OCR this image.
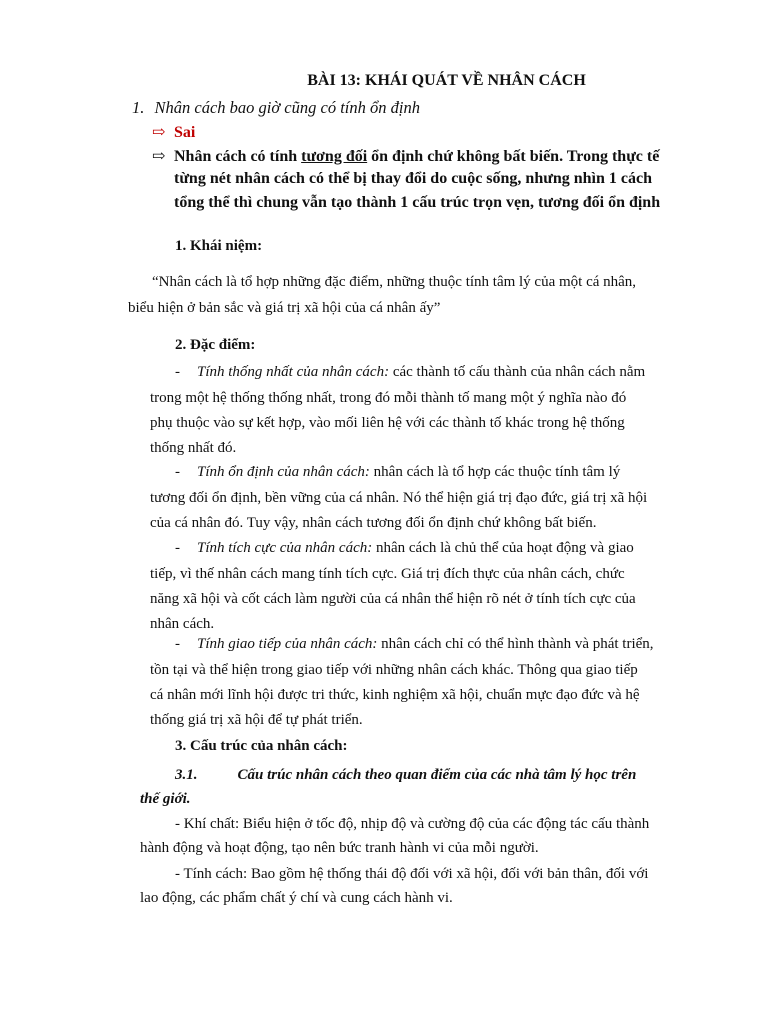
BÀI 13: KHÁI QUÁT VỀ NHÂN CÁCH
1. Nhân cách bao giờ cũng có tính ổn định
⇨ Sai
⇨ Nhân cách có tính tương đối ổn định chứ không bất biến. Trong thực tế
từng nét nhân cách có thể bị thay đổi do cuộc sống, nhưng nhìn 1 cách
tổng thể thì chung vẫn tạo thành 1 cấu trúc trọn vẹn, tương đối ổn định
1. Khái niệm:
“Nhân cách là tổ hợp những đặc điểm, những thuộc tính tâm lý của một cá nhân,
biểu hiện ở bản sắc và giá trị xã hội của cá nhân ấy”
2. Đặc điểm:
- Tính thống nhất của nhân cách: các thành tố cấu thành của nhân cách nằm
trong một hệ thống thống nhất, trong đó mỗi thành tố mang một ý nghĩa nào đó
phụ thuộc vào sự kết hợp, vào mối liên hệ với các thành tố khác trong hệ thống
thống nhất đó.
- Tính ổn định của nhân cách: nhân cách là tổ hợp các thuộc tính tâm lý
tương đối ổn định, bền vững của cá nhân. Nó thể hiện giá trị đạo đức, giá trị xã hội
của cá nhân đó. Tuy vậy, nhân cách tương đối ổn định chứ không bất biến.
- Tính tích cực của nhân cách: nhân cách là chủ thể của hoạt động và giao
tiếp, vì thế nhân cách mang tính tích cực. Giá trị đích thực của nhân cách, chức
năng xã hội và cốt cách làm người của cá nhân thể hiện rõ nét ở tính tích cực của
nhân cách.
- Tính giao tiếp của nhân cách: nhân cách chỉ có thể hình thành và phát triển,
tồn tại và thể hiện trong giao tiếp với những nhân cách khác. Thông qua giao tiếp
cá nhân mới lĩnh hội được tri thức, kinh nghiệm xã hội, chuẩn mực đạo đức và hệ
thống giá trị xã hội để tự phát triển.
3. Cấu trúc của nhân cách:
3.1.	Cấu trúc nhân cách theo quan điểm của các nhà tâm lý học trên
thế giới.
- Khí chất: Biểu hiện ở tốc độ, nhịp độ và cường độ của các động tác cấu thành
hành động và hoạt động, tạo nên bức tranh hành vi của mỗi người.
- Tính cách: Bao gồm hệ thống thái độ đối với xã hội, đối với bản thân, đối với
lao động, các phẩm chất ý chí và cung cách hành vi.
